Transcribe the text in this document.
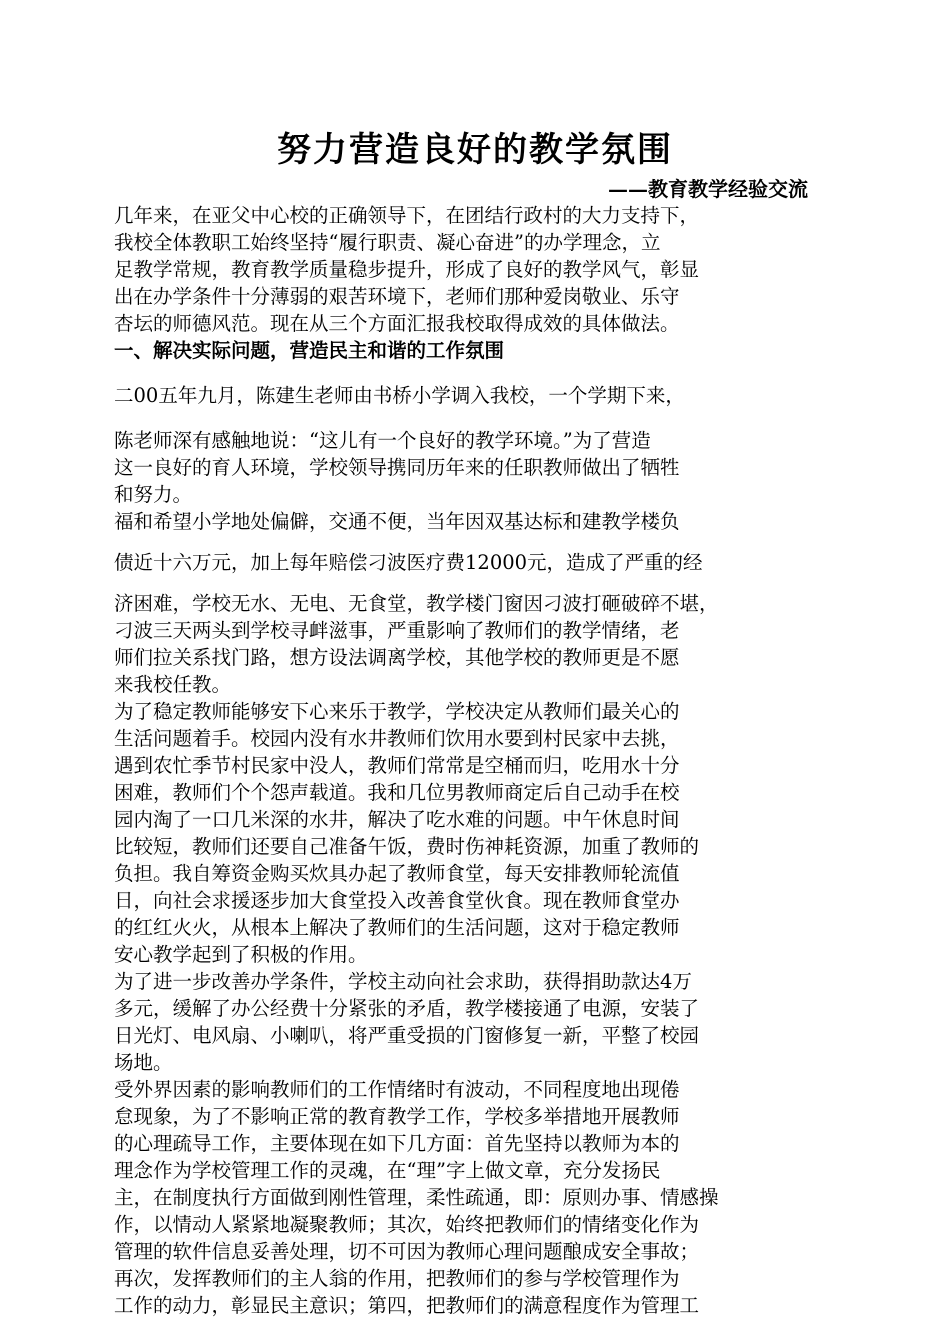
努力营造良好的教学氛围

——教育教学经验交流

几年来，在亚父中心校的正确领导下，在团结行政村的大力支持下，

我校全体教职工始终坚持“履行职责、凝心奋进”的办学理念，立

足教学常规，教育教学质量稳步提升，形成了良好的教学风气，彰显

出在办学条件十分薄弱的艰苦环境下，老师们那种爱岗敬业、乐守

杏坛的师德风范。现在从三个方面汇报我校取得成效的具体做法。

一、解决实际问题，营造民主和谐的工作氛围

二00五年九月，陈建生老师由书桥小学调入我校，一个学期下来，

陈老师深有感触地说：“这儿有一个良好的教学环境。”为了营造

这一良好的育人环境，学校领导携同历年来的任职教师做出了牺牲

和努力。

福和希望小学地处偏僻，交通不便，当年因双基达标和建教学楼负

债近十六万元，加上每年赔偿刁波医疗费12000元，造成了严重的经

济困难，学校无水、无电、无食堂，教学楼门窗因刁波打砸破碎不堪，

刁波三天两头到学校寻衅滋事，严重影响了教师们的教学情绪，老

师们拉关系找门路，想方设法调离学校，其他学校的教师更是不愿

来我校任教。

为了稳定教师能够安下心来乐于教学，学校决定从教师们最关心的

生活问题着手。校园内没有水井教师们饮用水要到村民家中去挑，

遇到农忙季节村民家中没人，教师们常常是空桶而归，吃用水十分

困难，教师们个个怨声载道。我和几位男教师商定后自己动手在校

园内淘了一口几米深的水井，解决了吃水难的问题。中午休息时间

比较短，教师们还要自己准备午饭，费时伤神耗资源，加重了教师的

负担。我自筹资金购买炊具办起了教师食堂，每天安排教师轮流值

日，向社会求援逐步加大食堂投入改善食堂伙食。现在教师食堂办

的红红火火，从根本上解决了教师们的生活问题，这对于稳定教师

安心教学起到了积极的作用。

为了进一步改善办学条件，学校主动向社会求助，获得捐助款达4万

多元，缓解了办公经费十分紧张的矛盾，教学楼接通了电源，安装了

日光灯、电风扇、小喇叭，将严重受损的门窗修复一新，平整了校园

场地。

受外界因素的影响教师们的工作情绪时有波动，不同程度地出现倦

怠现象，为了不影响正常的教育教学工作，学校多举措地开展教师

的心理疏导工作，主要体现在如下几方面：首先坚持以教师为本的

理念作为学校管理工作的灵魂，在“理”字上做文章，充分发扬民

主，在制度执行方面做到刚性管理，柔性疏通，即：原则办事、情感操

作，以情动人紧紧地凝聚教师；其次，始终把教师们的情绪变化作为

管理的软件信息妥善处理，切不可因为教师心理问题酿成安全事故；

再次，发挥教师们的主人翁的作用，把教师们的参与学校管理作为

工作的动力，彰显民主意识；第四，把教师们的满意程度作为管理工
